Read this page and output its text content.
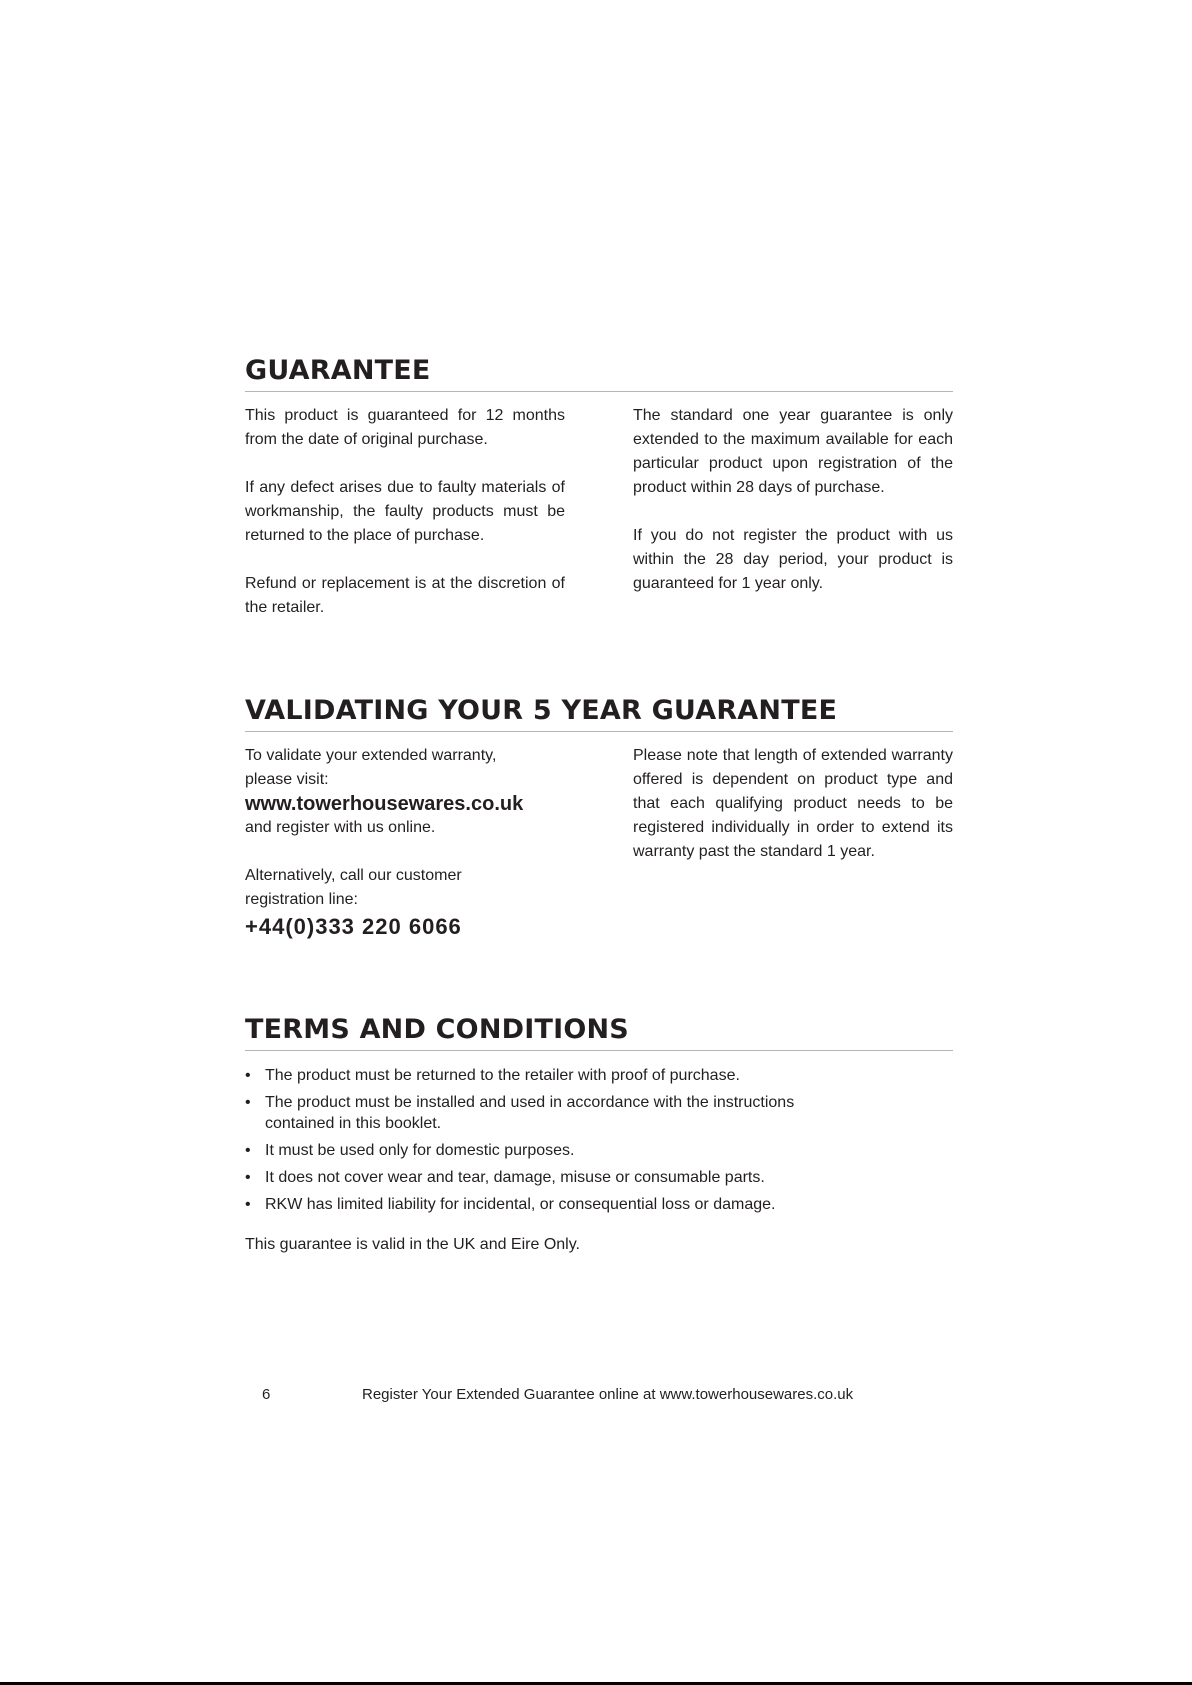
GUARANTEE

This product is guaranteed for 12 months from the date of original purchase.

If any defect arises due to faulty materials of workmanship, the faulty products must be returned to the place of purchase.

Refund or replacement is at the discretion of the retailer.

The standard one year guarantee is only extended to the maximum available for each particular product upon registration of the product within 28 days of purchase.

If you do not register the product with us within the 28 day period, your product is guaranteed for 1 year only.

VALIDATING YOUR 5 YEAR GUARANTEE

To validate your extended warranty,
please visit:

www.towerhousewares.co.uk
and register with us online.

Alternatively, call our customer
registration line:

+44(0)333 220 6066

Please note that length of extended warranty offered is dependent on product type and that each qualifying product needs to be registered individually in order to extend its warranty past the standard 1 year.

TERMS AND CONDITIONS
• The product must be returned to the retailer with proof of purchase.
• The product must be installed and used in accordance with the instructions contained in this booklet.
• It must be used only for domestic purposes.
• It does not cover wear and tear, damage, misuse or consumable parts.
• RKW has limited liability for incidental, or consequential loss or damage.

This guarantee is valid in the UK and Eire Only.

6	Register Your Extended Guarantee online at www.towerhousewares.co.uk
